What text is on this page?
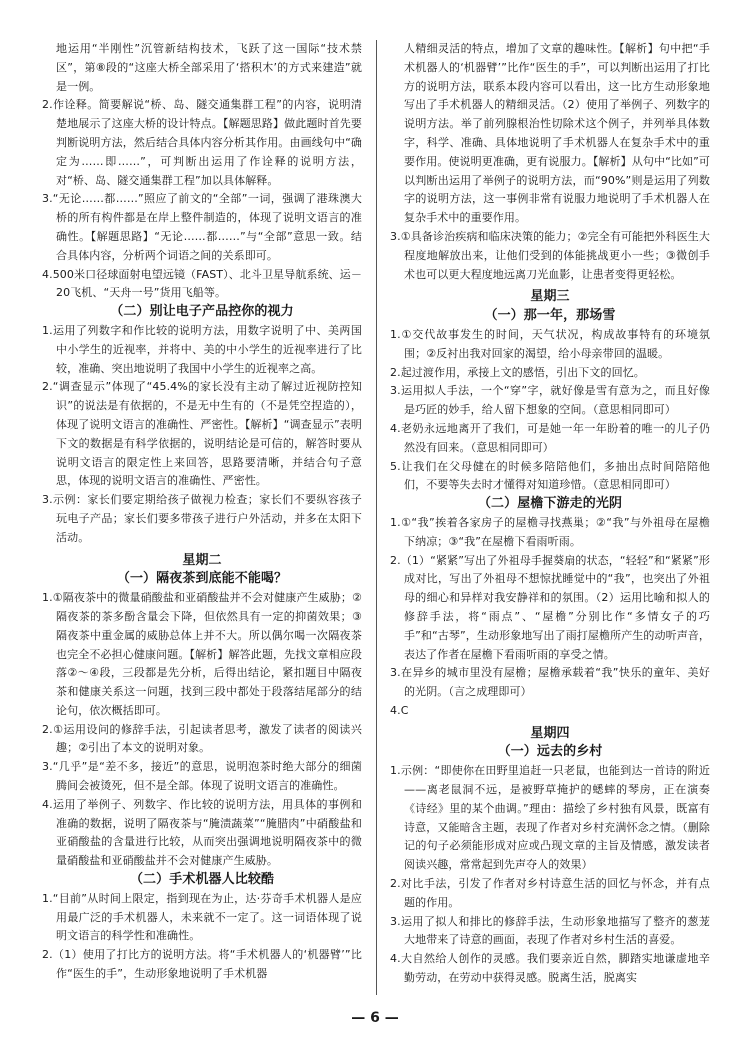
地运用“半刚性”沉管新结构技术，飞跃了这一国际“技术禁区”，第⑧段的“这座大桥全部采用了‘搭积木’的方式来建造”就是一例。

2.作诠释。简要解说“桥、岛、隧交通集群工程”的内容，说明清楚地展示了这座大桥的设计特点。【解题思路】做此题时首先要判断说明方法，然后结合具体内容分析其作用。由画线句中“确定为……即……”，可判断出运用了作诠释的说明方法，对“桥、岛、隧交通集群工程”加以具体解释。

3.“无论……都……”照应了前文的“全部”一词，强调了港珠澳大桥的所有构件都是在岸上整件制造的，体现了说明文语言的准确性。【解题思路】“无论……都……”与“全部”意思一致。结合具体内容，分析两个词语之间的关系即可。

4.500米口径球面射电望远镜（FAST）、北斗卫星导航系统、运－20飞机、“天舟一号”货用飞船等。

（二）别让电子产品控你的视力

1.运用了列数字和作比较的说明方法，用数字说明了中、美两国中小学生的近视率，并将中、美的中小学生的近视率进行了比较，准确、突出地说明了我国中小学生的近视率之高。

2.“调查显示”体现了“45.4%的家长没有主动了解过近视防控知识”的说法是有依据的，不是无中生有的（不是凭空捏造的），体现了说明文语言的准确性、严密性。【解析】“调查显示”表明下文的数据是有科学依据的，说明结论是可信的，解答时要从说明文语言的限定性上来回答，思路要清晰，并结合句子意思，体现的说明文语言的准确性、严密性。

3.示例：家长们要定期给孩子做视力检查；家长们不要纵容孩子玩电子产品；家长们要多带孩子进行户外活动，并多在太阳下活动。

星期二

（一）隔夜茶到底能不能喝？

1.①隔夜茶中的微量硝酸盐和亚硝酸盐并不会对健康产生威胁；②隔夜茶的茶多酚含量会下降，但依然具有一定的抑菌效果；③隔夜茶中重金属的威胁总体上并不大。所以偶尔喝一次隔夜茶也完全不必担心健康问题。【解析】解答此题，先找文章相应段落②～④段，三段都是先分析，后得出结论，紧扣题目中隔夜茶和健康关系这一问题，找到三段中都处于段落结尾部分的结论句，依次概括即可。

2.①运用设问的修辞手法，引起读者思考，激发了读者的阅读兴趣；②引出了本文的说明对象。

3.“几乎”是“差不多，接近”的意思，说明泡茶时绝大部分的细菌腾间会被烫死，但不是全部。体现了说明文语言的准确性。

4.运用了举例子、列数字、作比较的说明方法，用具体的事例和准确的数据，说明了隔夜茶与“腌渍蔬菜”“腌腊肉”中硝酸盐和亚硝酸盐的含量进行比较，从而突出强调地说明隔夜茶中的微量硝酸盐和亚硝酸盐并不会对健康产生威胁。

（二）手术机器人比较酷

1.“目前”从时间上限定，指到现在为止，达·芬奇手术机器人是应用最广泛的手术机器人，未来就不一定了。这一词语体现了说明文语言的科学性和准确性。

2.（1）使用了打比方的说明方法。将“手术机器人的‘机器臂’”比作“医生的手”，生动形象地说明了手术机器

人精细灵活的特点，增加了文章的趣味性。【解析】句中把“手术机器人的‘机器臂’”比作“医生的手”，可以判断出运用了打比方的说明方法，联系本段内容可以看出，这一比方生动形象地写出了手术机器人的精细灵活。（2）使用了举例子、列数字的说明方法。举了前列腺根治性切除术这个例子，并列举具体数字，科学、准确、具体地说明了手术机器人在复杂手术中的重要作用。使说明更准确，更有说服力。【解析】从句中“比如”可以判断出运用了举例子的说明方法，而“90%”则是运用了列数字的说明方法，这一事例非常有说服力地说明了手术机器人在复杂手术中的重要作用。

3.①具备诊治疾病和临床决策的能力；②完全有可能把外科医生大程度地解放出来，让他们受到的体能挑战更小一些；③微创手术也可以更大程度地远离刀光血影，让患者变得更轻松。

星期三

（一）那一年，那场雪

1.①交代故事发生的时间，天气状况，构成故事特有的环境氛围；②反衬出我对回家的渴望，给小母亲带回的温暖。

2.起过渡作用，承接上文的感悟，引出下文的回忆。

3.运用拟人手法，一个“穿”字，就好像是雪有意为之，而且好像是巧匠的妙手，给人留下想象的空间。（意思相同即可）

4.老奶永远地离开了我们，可是她一年一年盼着的唯一的儿子仍然没有回来。（意思相同即可）

5.让我们在父母健在的时候多陪陪他们，多抽出点时间陪陪他们，不要等失去时才懂得对知道珍惜。（意思相同即可）

（二）屋檐下游走的光阴

1.①“我”挨着各家房子的屋檐寻找燕巢；②“我”与外祖母在屋檐下纳凉；③“我”在屋檐下看雨听雨。

2.（1）“紧紧”写出了外祖母手握葵扇的状态，“轻轻”和“紧紧”形成对比，写出了外祖母不想惊扰睡觉中的“我”，也突出了外祖母的细心和异样对我安静祥和的氛围。（2）运用比喻和拟人的修辞手法，将“雨点”、“屋檐”分别比作“多情女子的巧手”和“古琴”，生动形象地写出了雨打屋檐所产生的动听声音，表达了作者在屋檐下看雨听雨的享受之情。

3.在异乡的城市里没有屋檐；屋檐承载着“我”快乐的童年、美好的光阴。（言之成理即可）

4.C

星期四

（一）远去的乡村

1.示例：“即使你在田野里追赶一只老鼠，也能到达一首诗的附近——离老鼠洞不远，是被野草掩护的蟋蟀的琴房，正在演奏《诗经》里的某个曲调。”理由：描绘了乡村独有风景，既富有诗意，又能暗含主题，表现了作者对乡村充满怀念之情。（删除记的句子必须能形成对应或凸现文章的主旨及情感，激发读者阅读兴趣，常常起到先声夺人的效果）

2.对比手法，引发了作者对乡村诗意生活的回忆与怀念，并有点题的作用。

3.运用了拟人和排比的修辞手法，生动形象地描写了整齐的葱茏大地带来了诗意的画面，表现了作者对乡村生活的喜爱。

4.大自然给人创作的灵感。我们要亲近自然，脚踏实地谦虚地辛勤劳动，在劳动中获得灵感。脱离生活，脱离实

— 6 —
